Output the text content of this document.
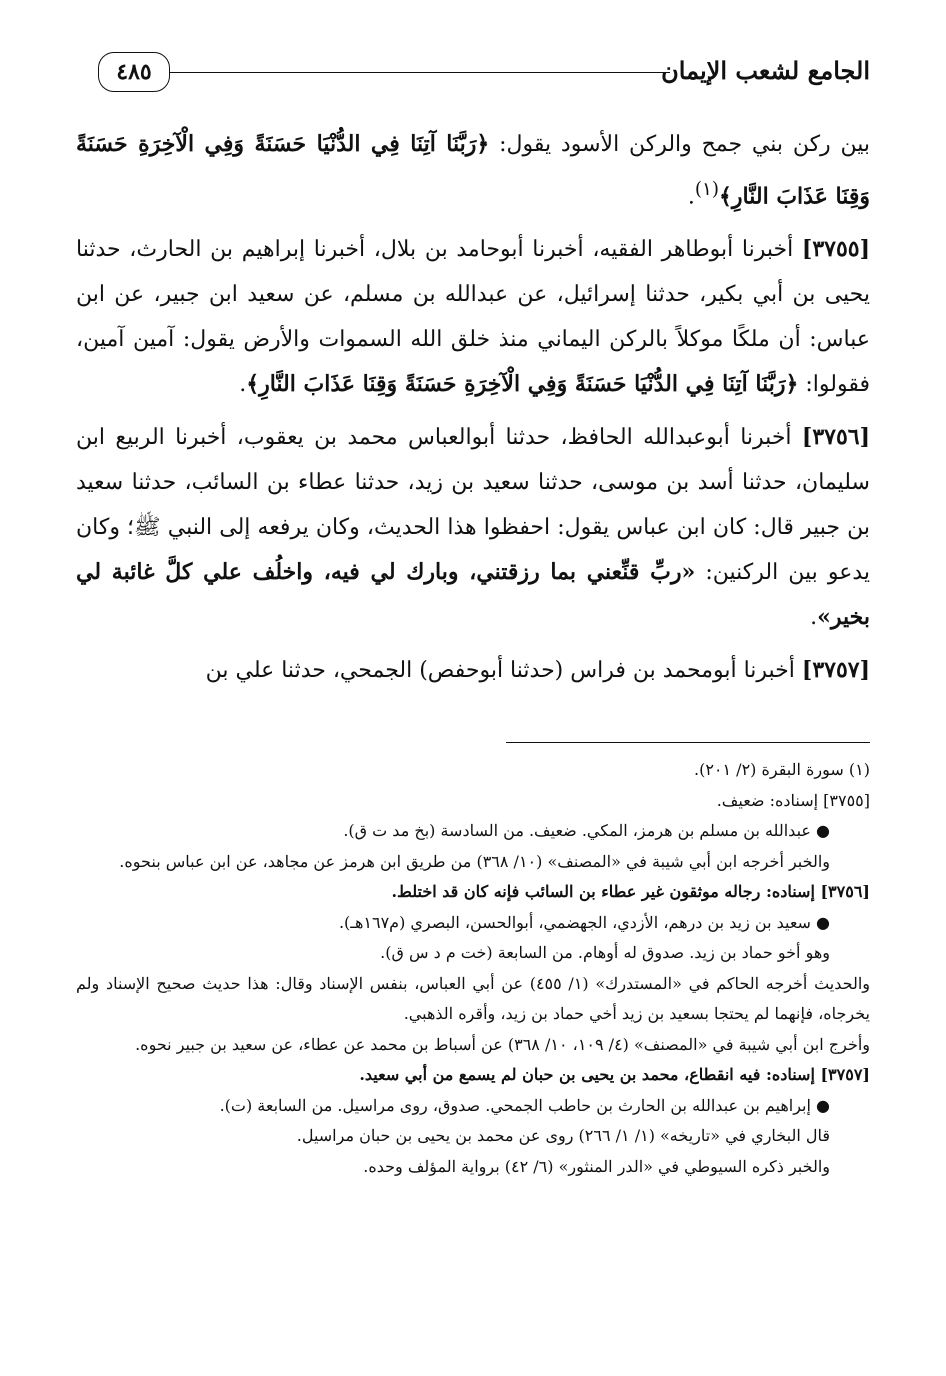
الجامع لشعب الإيمان
٤٨٥

بين ركن بني جمح والركن الأسود يقول: ﴿رَبَّنَا آتِنَا فِي الدُّنْيَا حَسَنَةً وَفِي الْآخِرَةِ حَسَنَةً وَقِنَا عَذَابَ النَّارِ﴾$^{(١)}$.

[٣٧٥٥] أخبرنا أبوطاهر الفقيه، أخبرنا أبوحامد بن بلال، أخبرنا إبراهيم بن الحارث، حدثنا يحيى بن أبي بكير، حدثنا إسرائيل، عن عبدالله بن مسلم، عن سعيد ابن جبير، عن ابن عباس: أن ملكًا موكلاً بالركن اليماني منذ خلق الله السموات والأرض يقول: آمين آمين، فقولوا: ﴿رَبَّنَا آتِنَا فِي الدُّنْيَا حَسَنَةً وَفِي الْآخِرَةِ حَسَنَةً وَقِنَا عَذَابَ النَّارِ﴾.

[٣٧٥٦] أخبرنا أبوعبدالله الحافظ، حدثنا أبوالعباس محمد بن يعقوب، أخبرنا الربيع ابن سليمان، حدثنا أسد بن موسى، حدثنا سعيد بن زيد، حدثنا عطاء بن السائب، حدثنا سعيد بن جبير قال: كان ابن عباس يقول: احفظوا هذا الحديث، وكان يرفعه إلى النبي ﷺ؛ وكان يدعو بين الركنين: «ربِّ قنِّعني بما رزقتني، وبارك لي فيه، واخلُف علي كلَّ غائبة لي بخير».

[٣٧٥٧] أخبرنا أبومحمد بن فراس (حدثنا أبوحفص) الجمحي، حدثنا علي بن

(١) سورة البقرة (٢/ ٢٠١).

[٣٧٥٥] إسناده: ضعيف.

● عبدالله بن مسلم بن هرمز، المكي. ضعيف. من السادسة (بخ مد ت ق).

والخبر أخرجه ابن أبي شيبة في «المصنف» (١٠/ ٣٦٨) من طريق ابن هرمز عن مجاهد، عن ابن عباس بنحوه.

[٣٧٥٦] إسناده: رجاله موثقون غير عطاء بن السائب فإنه كان قد اختلط.

● سعيد بن زيد بن درهم، الأزدي، الجهضمي، أبوالحسن، البصري (م١٦٧هـ).

وهو أخو حماد بن زيد. صدوق له أوهام. من السابعة (خت م د س ق).

والحديث أخرجه الحاكم في «المستدرك» (١/ ٤٥٥) عن أبي العباس، بنفس الإسناد وقال: هذا حديث صحيح الإسناد ولم يخرجاه، فإنهما لم يحتجا بسعيد بن زيد أخي حماد بن زيد، وأقره الذهبي.

وأخرج ابن أبي شيبة في «المصنف» (٤/ ١٠٩، ١٠/ ٣٦٨) عن أسباط بن محمد عن عطاء، عن سعيد بن جبير نحوه.

[٣٧٥٧] إسناده: فيه انقطاع، محمد بن يحيى بن حبان لم يسمع من أبي سعيد.

● إبراهيم بن عبدالله بن الحارث بن حاطب الجمحي. صدوق، روى مراسيل. من السابعة (ت).

قال البخاري في «تاريخه» (١/ ١/ ٢٦٦) روى عن محمد بن يحيى بن حبان مراسيل.

والخبر ذكره السيوطي في «الدر المنثور» (٦/ ٤٢) برواية المؤلف وحده.
